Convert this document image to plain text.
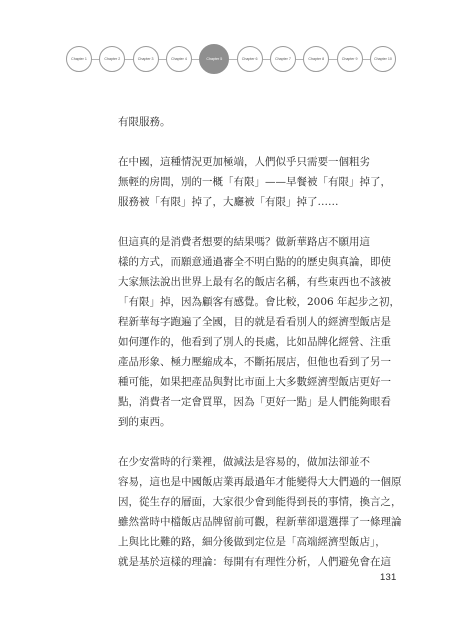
Chapter 1	Chapter 2	Chapter 3	Chapter 4	Chapter 5	Chapter 6	Chapter 7	Chapter 8	Chapter 9	Chapter 10
有限服務。
在中國，這種情況更加極端，人們似乎只需要一個粗劣
無輕的房間，別的一概「有限」——早餐被「有限」掉了，
服務被「有限」掉了，大廳被「有限」掉了……
但這真的是消費者想要的結果嗎？做新華路店不願用這
樣的方式，而願意通過審全不明白點的的歷史與真論，即使
大家無法說出世界上最有名的飯店名稱，有些東西也不該被
「有限」掉，因為顧客有感覺。會比較，2006 年起步之初，
程新華每字跑遍了全國，目的就是看看別人的經濟型飯店是
如何運作的，他看到了別人的長處，比如品牌化經營、注重
產品形象、極力壓縮成本，不斷拓展店，但他也看到了另一
種可能，如果把產品與對比市面上大多數經濟型飯店更好一
點，消費者一定會買單，因為「更好一點」是人們能夠眼看
到的東西。
在少安當時的行業裡，做減法是容易的，做加法卻並不
容易，這也是中國飯店業再最過年才能變得大大們過的一個原
因，從生存的層面，大家很少會到能得到長的事情，換言之，
雖然當時中檔飯店品牌留前可觀，程新華卻還選擇了一條理論
上與比比難的路，細分後做到定位是「高端經濟型飯店」，
就是基於這樣的理論：每開有有理性分析，人們避免會在這
131
